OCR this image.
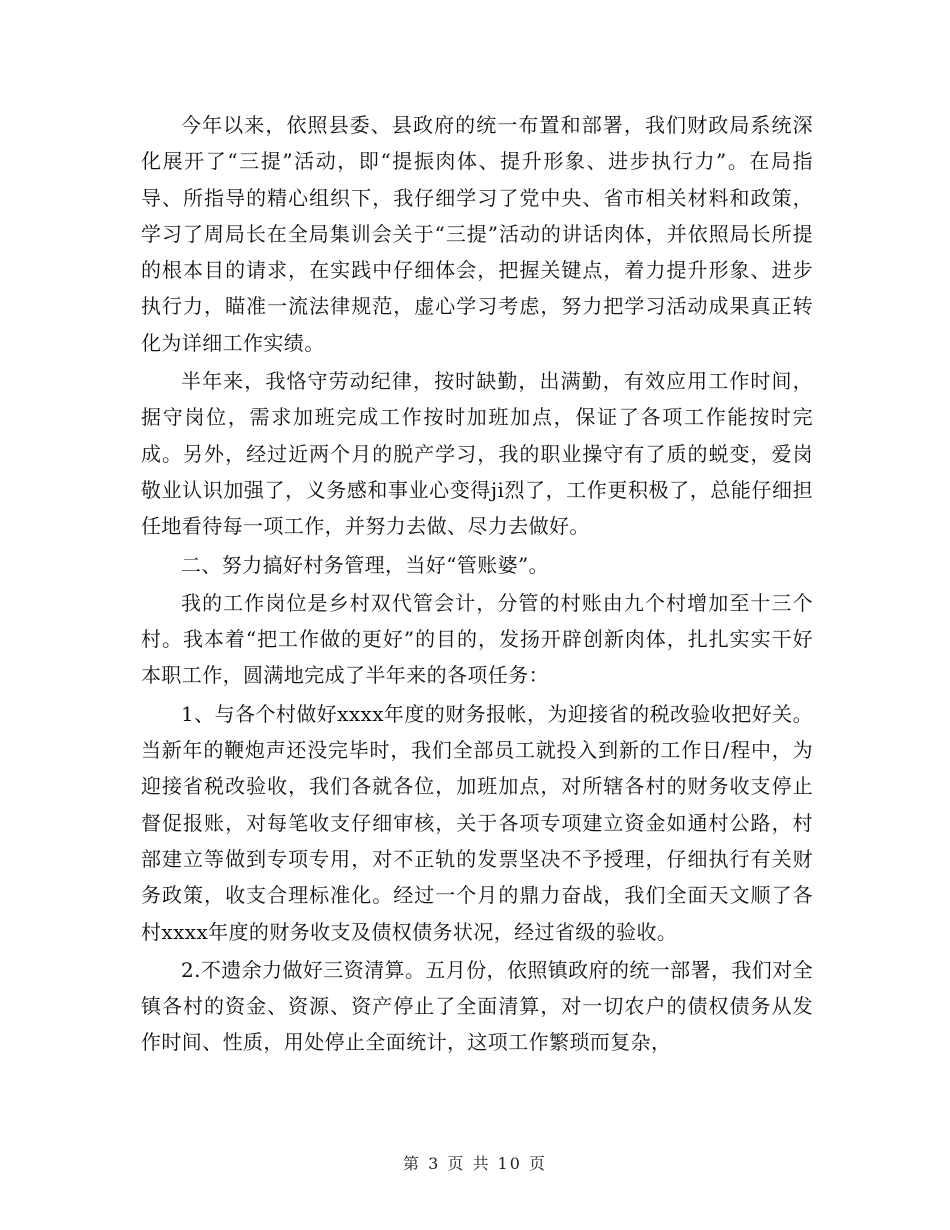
今年以来，依照县委、县政府的统一布置和部署，我们财政局系统深化展开了“三提”活动，即“提振肉体、提升形象、进步执行力”。在局指导、所指导的精心组织下，我仔细学习了党中央、省市相关材料和政策，学习了周局长在全局集训会关于“三提”活动的讲话肉体，并依照局长所提的根本目的请求，在实践中仔细体会，把握关键点，着力提升形象、进步执行力，瞄准一流法律规范，虚心学习考虑，努力把学习活动成果真正转化为详细工作实绩。

半年来，我恪守劳动纪律，按时缺勤，出满勤，有效应用工作时间，据守岗位，需求加班完成工作按时加班加点，保证了各项工作能按时完成。另外，经过近两个月的脱产学习，我的职业操守有了质的蜕变，爱岗敬业认识加强了，义务感和事业心变得ji烈了，工作更积极了，总能仔细担任地看待每一项工作，并努力去做、尽力去做好。

二、努力搞好村务管理，当好“管账婆”。

我的工作岗位是乡村双代管会计，分管的村账由九个村增加至十三个村。我本着“把工作做的更好”的目的，发扬开辟创新肉体，扎扎实实干好本职工作，圆满地完成了半年来的各项任务：

1、与各个村做好xxxx年度的财务报帐，为迎接省的税改验收把好关。当新年的鞭炮声还没完毕时，我们全部员工就投入到新的工作日/程中，为迎接省税改验收，我们各就各位，加班加点，对所辖各村的财务收支停止督促报账，对每笔收支仔细审核，关于各项专项建立资金如通村公路，村部建立等做到专项专用，对不正轨的发票坚决不予授理，仔细执行有关财务政策，收支合理标准化。经过一个月的鼎力奋战，我们全面天文顺了各村xxxx年度的财务收支及债权债务状况，经过省级的验收。

2.不遗余力做好三资清算。五月份，依照镇政府的统一部署，我们对全镇各村的资金、资源、资产停止了全面清算，对一切农户的债权债务从发作时间、性质，用处停止全面统计，这项工作繁琐而复杂，

第 3 页 共 10 页
